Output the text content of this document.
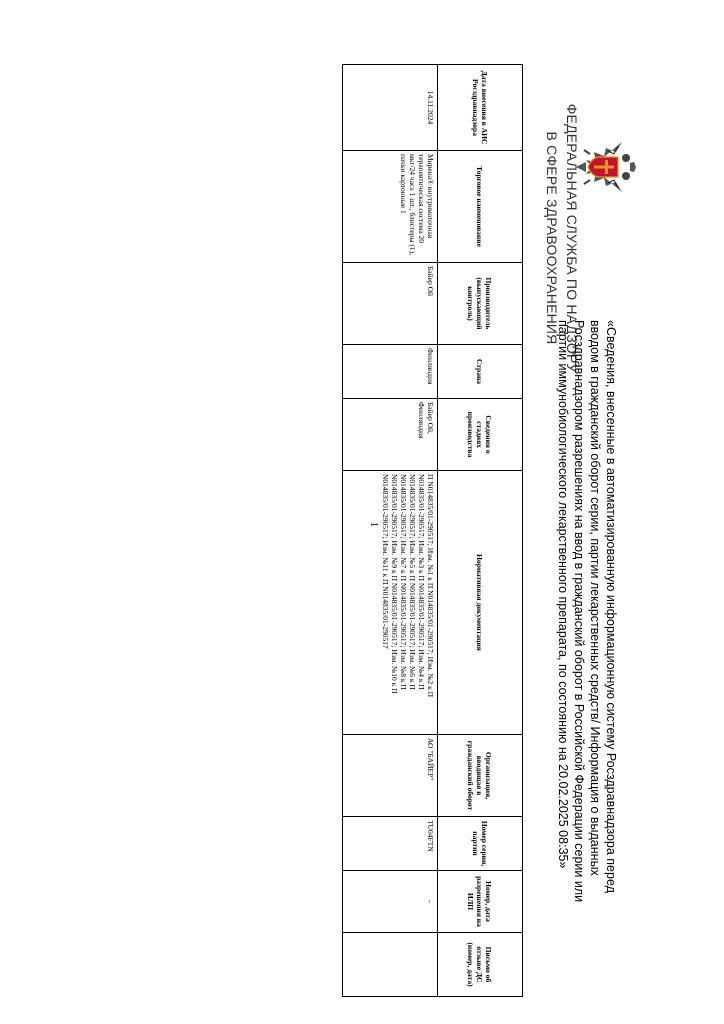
ФЕДЕРАЛЬНАЯ СЛУЖБА ПО НАДЗОРУ
В СФЕРЕ ЗДРАВООХРАНЕНИЯ
«Сведения, внесенные в автоматизированную информационную систему Росздравнадзора перед вводом в гражданский оборот серии, партии лекарственных средств/ Информация о выданных Росздравнадзором разрешениях на ввод в гражданский оборот в Российской Федерации серии или партии иммунобиологического лекарственного препарата, по состоянию на 20.02.2025 08:35»
Дата внесения в АИС Росздравнадзора	Торговое наименование	Производитель (выпускающий контроль)	Страна	Сведения о стадиях производства	Нормативная документация	Организация, вводящая в гражданский оборот	Номер серии, партии	Номер, дата разрешения на ИЛП	Письмо об отзыве ДС (номер, дата)
14.11.2024	Мирена® внутриматочная терапевтическая система 20 мкг/24 часа 1 шт., блистеры (1), пачки картонные 1	Байер Ой	Финляндия	Байер Ой, Финляндия	П N014835/01-290517; Изм. №1 к П N014835/01-290517; Изм. №2 к П N014835/01-290517; Изм. №3 к П N014835/01-290517; Изм. №4 к П N014835/01-290517; Изм. №5 к П N014835/01-290517; Изм. №6 к П N014835/01-290517; Изм. №7 к П N014835/01-290517; Изм. №8 к П N014835/01-290517; Изм. №9 к П N014835/01-290517; Изм. №10 к П N014835/01-290517; Изм. №11 к П N014835/01-290517	АО "БАЙЕР"	TU04FTN	-	
1
